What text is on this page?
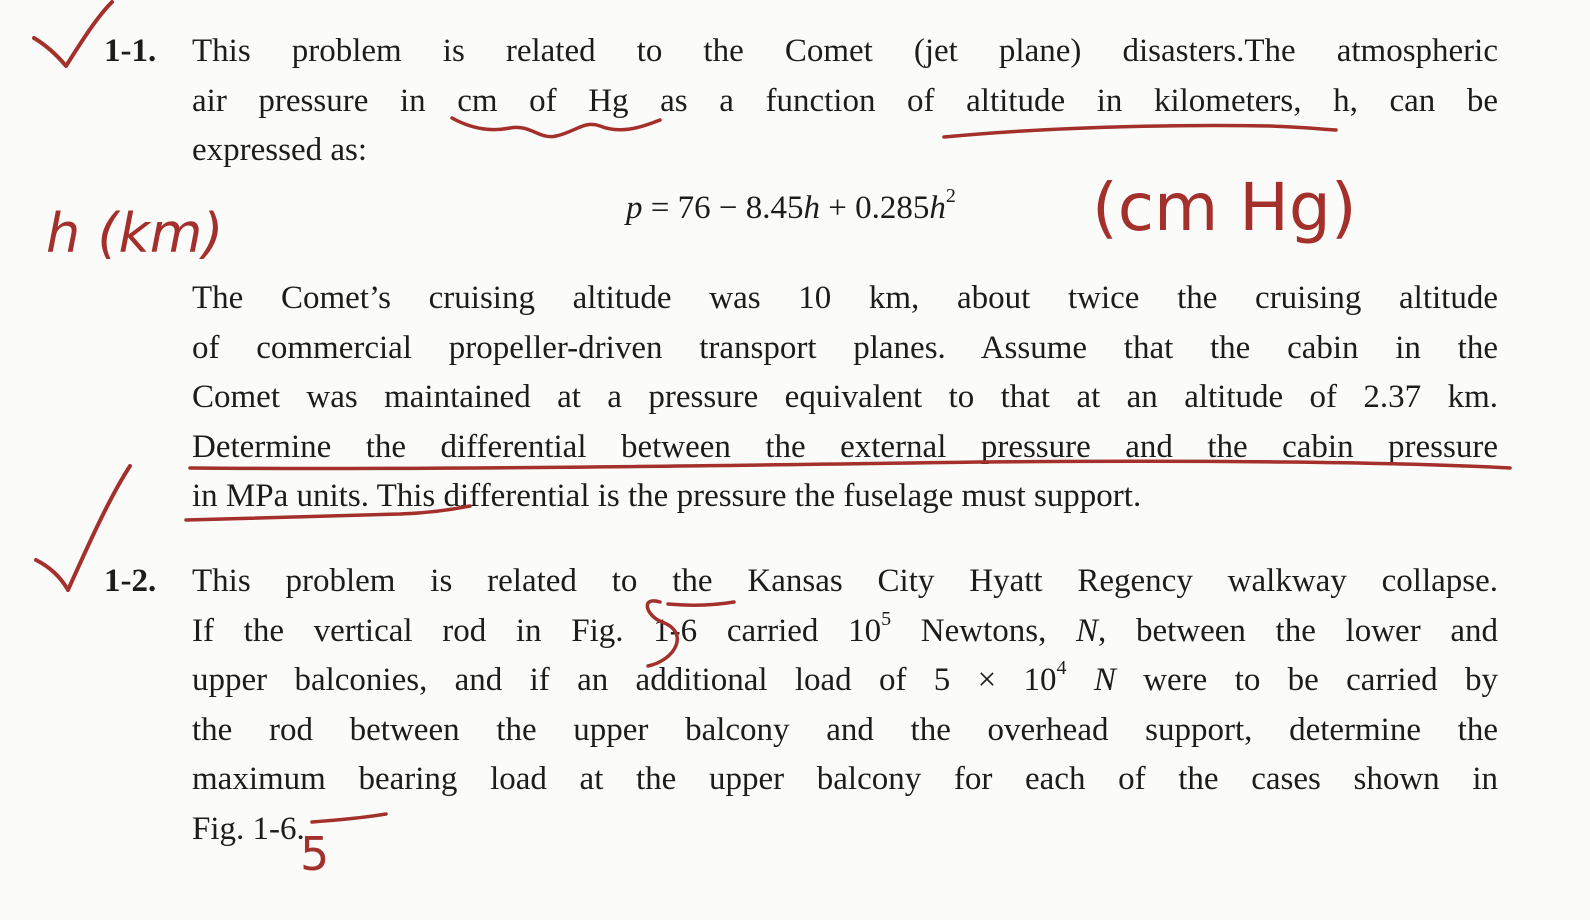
1-1. This problem is related to the Comet (jet plane) disasters.The atmospheric
air pressure in cm of Hg as a function of altitude in kilometers, h, can be
expressed as:
$p = 76 - 8.45h + 0.285h^2$
The Comet’s cruising altitude was 10 km, about twice the cruising altitude
of commercial propeller-driven transport planes. Assume that the cabin in the
Comet was maintained at a pressure equivalent to that at an altitude of 2.37 km.
Determine the differential between the external pressure and the cabin pressure
in MPa units. This differential is the pressure the fuselage must support.
1-2. This problem is related to the Kansas City Hyatt Regency walkway collapse.
If the vertical rod in Fig. 1-6 carried $10^5$ Newtons, N, between the lower and
upper balconies, and if an additional load of $5 \times 10^4$ N were to be carried by
the rod between the upper balcony and the overhead support, determine the
maximum bearing load at the upper balcony for each of the cases shown in
Fig. 1-6.
h (km)	(cm Hg)
5
